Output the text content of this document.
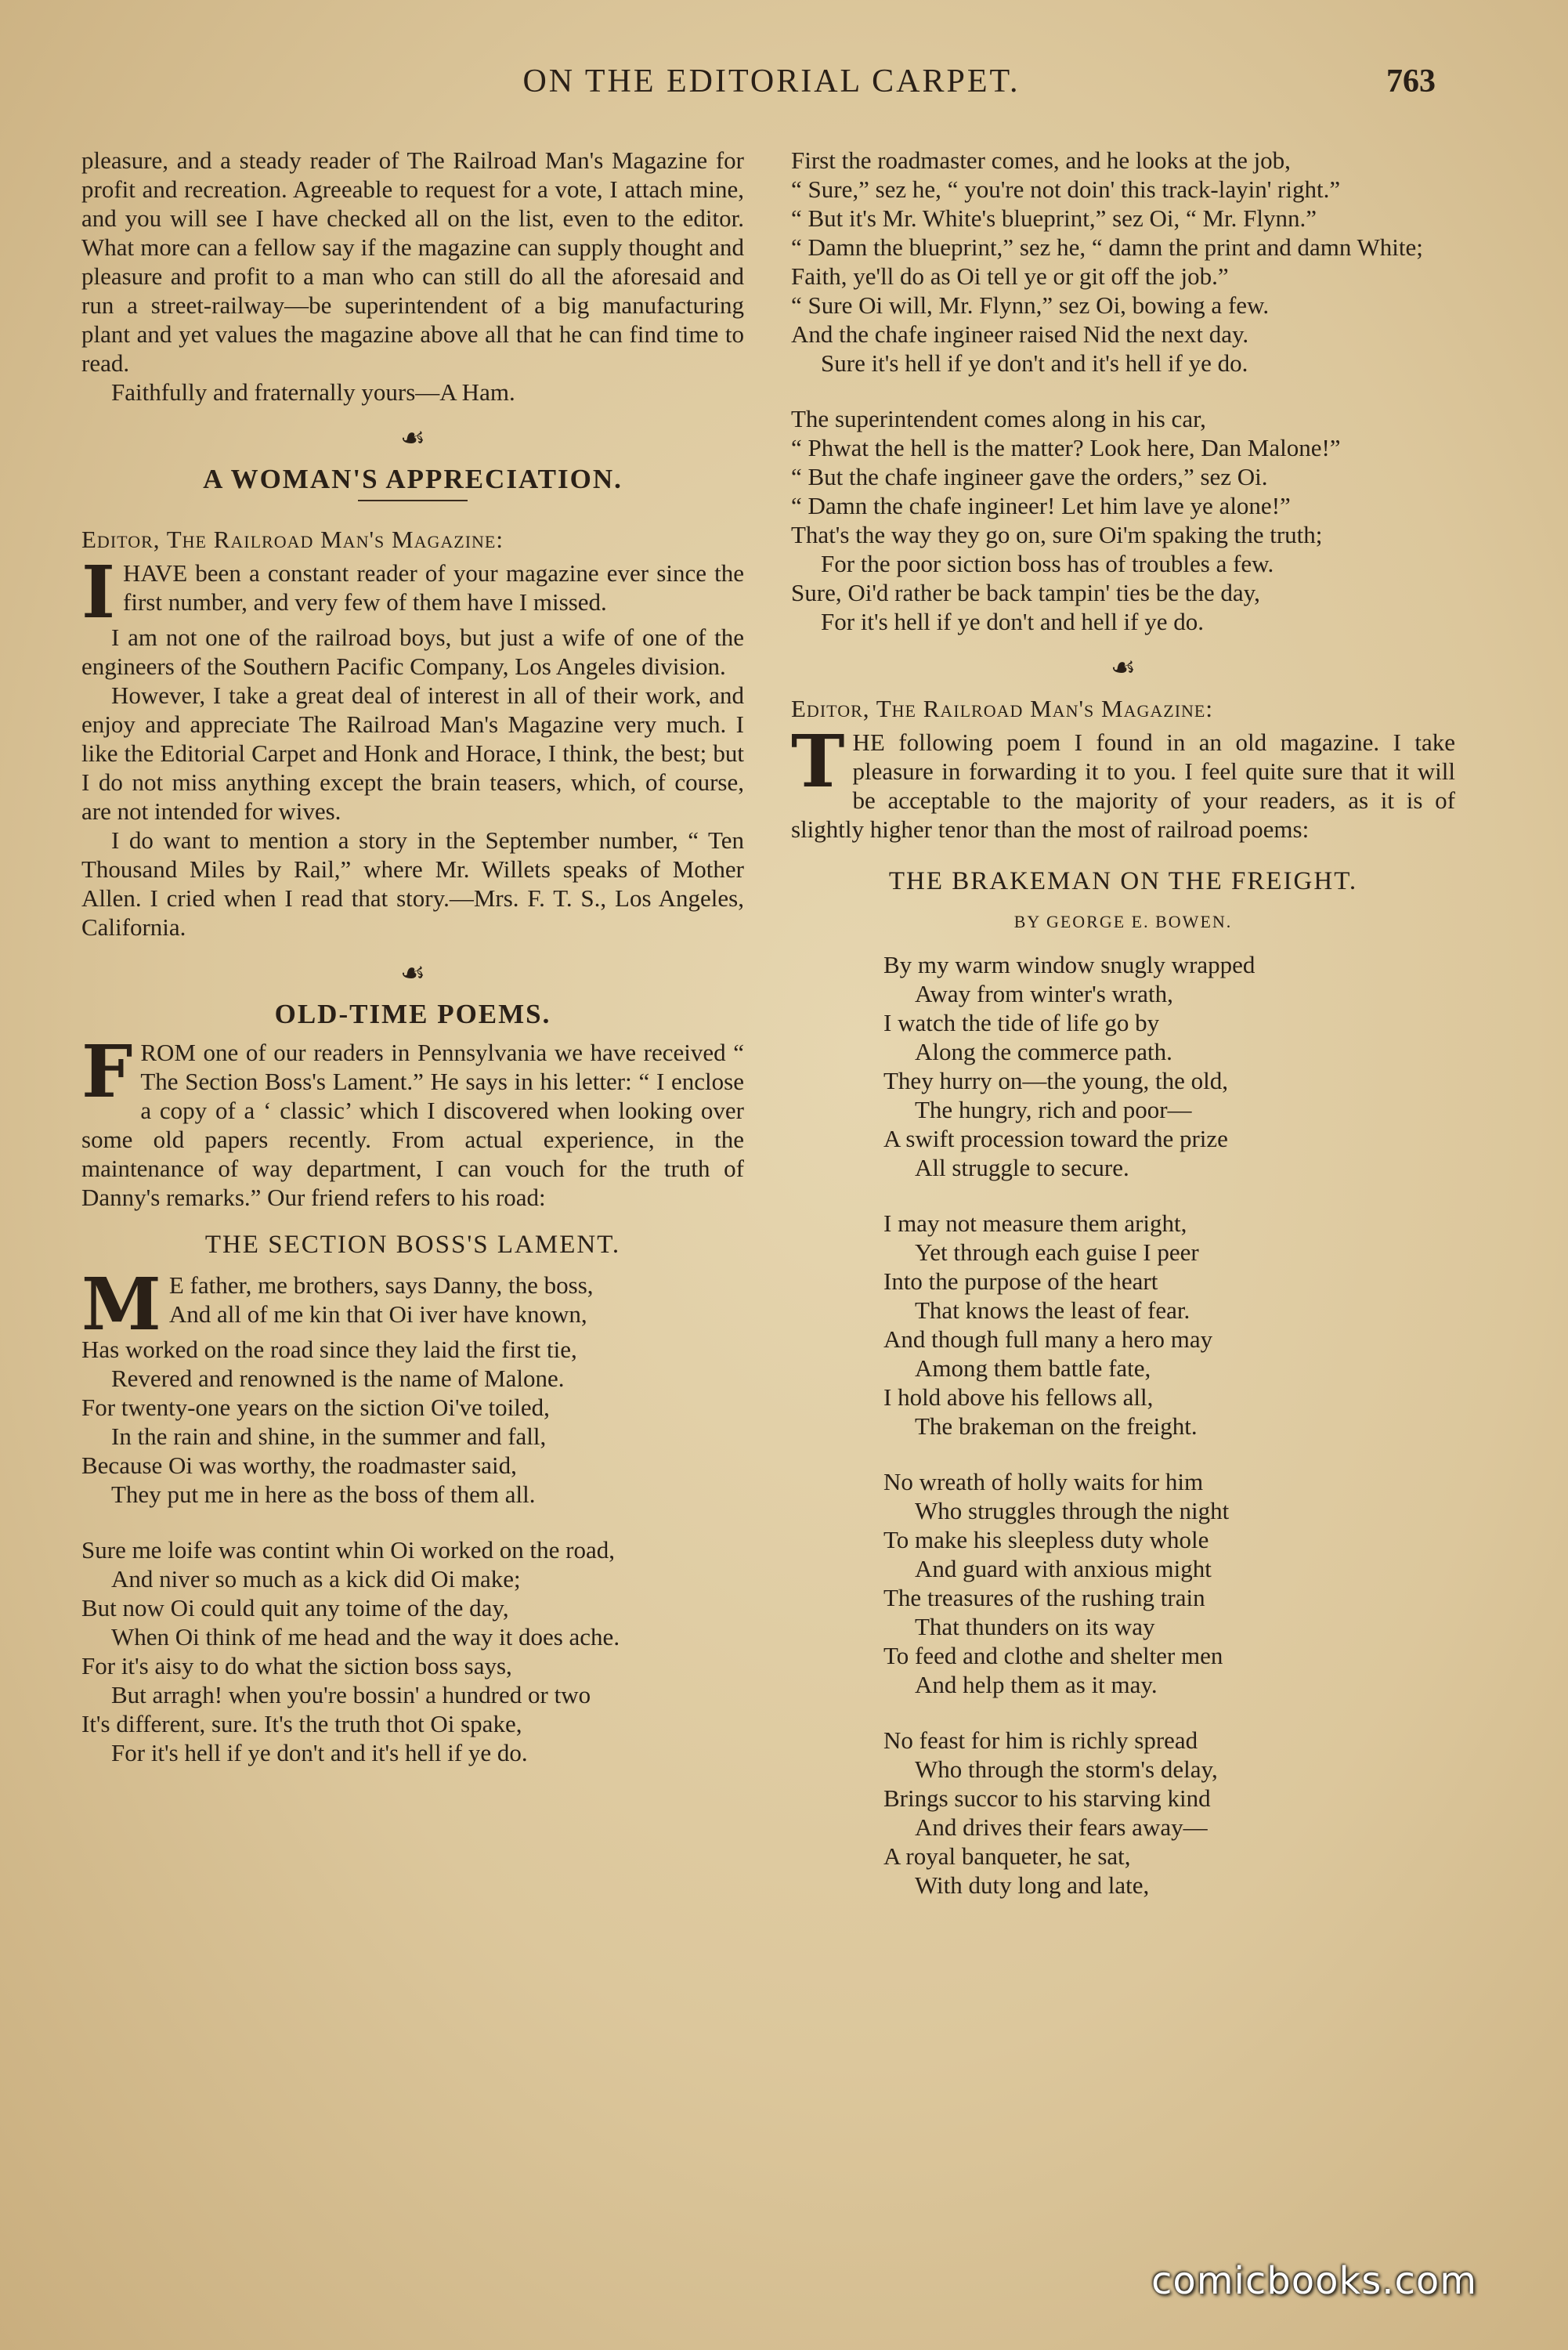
ON THE EDITORIAL CARPET.	763

pleasure, and a steady reader of The Railroad Man's Magazine for profit and recreation. Agreeable to request for a vote, I attach mine, and you will see I have checked all on the list, even to the editor. What more can a fellow say if the magazine can supply thought and pleasure and profit to a man who can still do all the aforesaid and run a street-railway—be superintendent of a big manufacturing plant and yet values the magazine above all that he can find time to read.

Faithfully and fraternally yours—A Ham.

☙
A WOMAN'S APPRECIATION.

Editor, The Railroad Man's Magazine:

I HAVE been a constant reader of your magazine ever since the first number, and very few of them have I missed.

I am not one of the railroad boys, but just a wife of one of the engineers of the Southern Pacific Company, Los Angeles division.

However, I take a great deal of interest in all of their work, and enjoy and appreciate The Railroad Man's Magazine very much. I like the Editorial Carpet and Honk and Horace, I think, the best; but I do not miss anything except the brain teasers, which, of course, are not intended for wives.

I do want to mention a story in the September number, “ Ten Thousand Miles by Rail,” where Mr. Willets speaks of Mother Allen. I cried when I read that story.—Mrs. F. T. S., Los Angeles, California.

☙
OLD-TIME POEMS.
F ROM one of our readers in Pennsylvania we have received “ The Section Boss's Lament.” He says in his letter: “ I enclose a copy of a ‘ classic’ which I discovered when looking over some old papers recently. From actual experience, in the maintenance of way department, I can vouch for the truth of Danny's remarks.” Our friend refers to his road:
THE SECTION BOSS'S LAMENT.
M E father, me brothers, says Danny, the boss,
And all of me kin that Oi iver have known,
Has worked on the road since they laid the first tie,
Revered and renowned is the name of Malone.
For twenty-one years on the siction Oi've toiled,
In the rain and shine, in the summer and fall,
Because Oi was worthy, the roadmaster said,
They put me in here as the boss of them all.
Sure me loife was contint whin Oi worked on the road,
And niver so much as a kick did Oi make;
But now Oi could quit any toime of the day,
When Oi think of me head and the way it does ache.
For it's aisy to do what the siction boss says,
But arragh! when you're bossin' a hundred or two
It's different, sure. It's the truth thot Oi spake,
For it's hell if ye don't and it's hell if ye do.
First the roadmaster comes, and he looks at the job,
“ Sure,” sez he, “ you're not doin' this track-layin' right.”
“ But it's Mr. White's blueprint,” sez Oi, “ Mr. Flynn.”
“ Damn the blueprint,” sez he, “ damn the print and damn White;
Faith, ye'll do as Oi tell ye or git off the job.”
“ Sure Oi will, Mr. Flynn,” sez Oi, bowing a few.
And the chafe ingineer raised Nid the next day.
Sure it's hell if ye don't and it's hell if ye do.
The superintendent comes along in his car,
“ Phwat the hell is the matter? Look here, Dan Malone!”
“ But the chafe ingineer gave the orders,” sez Oi.
“ Damn the chafe ingineer! Let him lave ye alone!”
That's the way they go on, sure Oi'm spaking the truth;
For the poor siction boss has of troubles a few.
Sure, Oi'd rather be back tampin' ties be the day,
For it's hell if ye don't and hell if ye do.
☙

Editor, The Railroad Man's Magazine:

T HE following poem I found in an old magazine. I take pleasure in forwarding it to you. I feel quite sure that it will be acceptable to the majority of your readers, as it is of slightly higher tenor than the most of railroad poems:
THE BRAKEMAN ON THE FREIGHT.
BY GEORGE E. BOWEN.
By my warm window snugly wrapped
Away from winter's wrath,
I watch the tide of life go by
Along the commerce path.
They hurry on—the young, the old,
The hungry, rich and poor—
A swift procession toward the prize
All struggle to secure.
I may not measure them aright,
Yet through each guise I peer
Into the purpose of the heart
That knows the least of fear.
And though full many a hero may
Among them battle fate,
I hold above his fellows all,
The brakeman on the freight.
No wreath of holly waits for him
Who struggles through the night
To make his sleepless duty whole
And guard with anxious might
The treasures of the rushing train
That thunders on its way
To feed and clothe and shelter men
And help them as it may.
No feast for him is richly spread
Who through the storm's delay,
Brings succor to his starving kind
And drives their fears away—
A royal banqueter, he sat,
With duty long and late,
comicbooks.com
